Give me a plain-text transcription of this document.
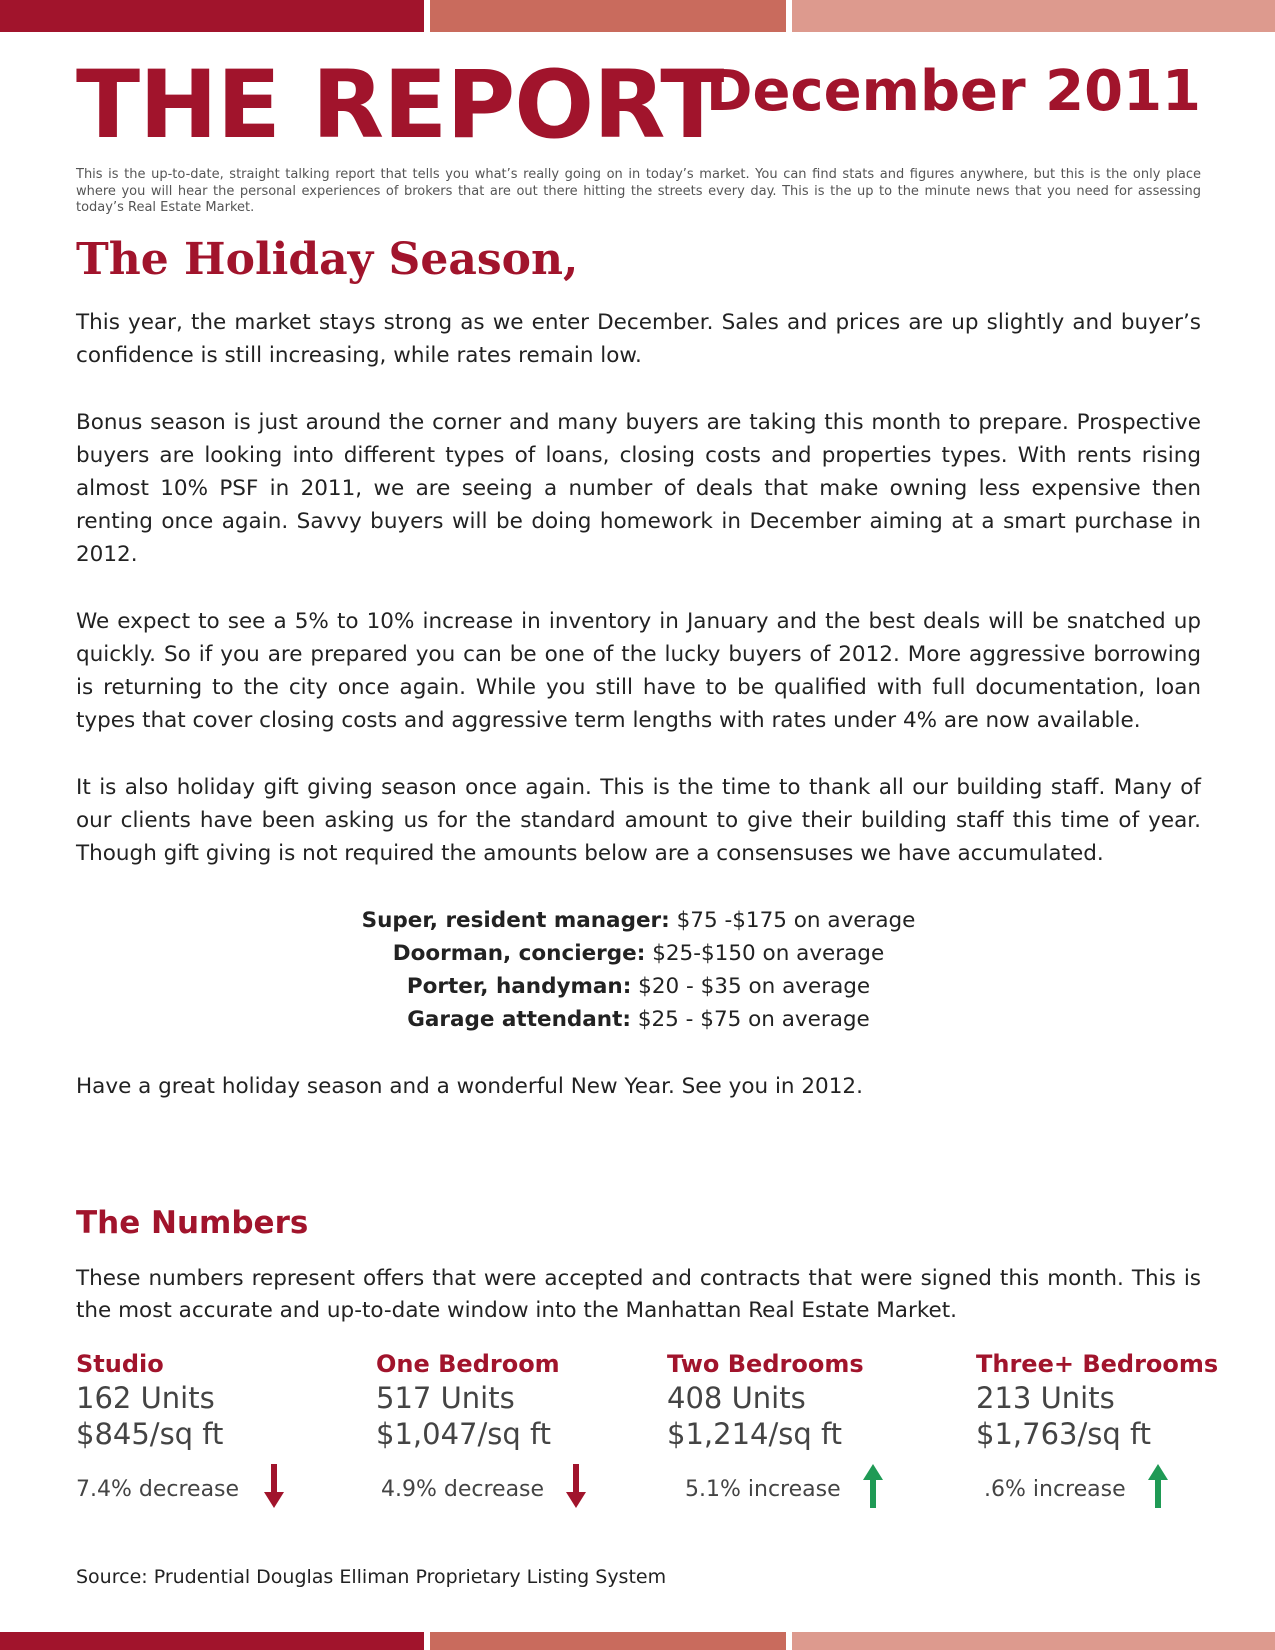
THE REPORT
December 2011

This is the up-to-date, straight talking report that tells you what’s really going on in today’s market. You can find stats and figures anywhere, but this is the only place where you will hear the personal experiences of brokers that are out there hitting the streets every day. This is the up to the minute news that you need for assessing today’s Real Estate Market.

The Holiday Season,

This year, the market stays strong as we enter December. Sales and prices are up slightly and buyer’s confidence is still increasing, while rates remain low.

Bonus season is just around the corner and many buyers are taking this month to prepare. Prospective buyers are looking into different types of loans, closing costs and properties types. With rents rising almost 10% PSF in 2011, we are seeing a number of deals that make owning less expensive then renting once again. Savvy buyers will be doing homework in December aiming at a smart purchase in 2012.

We expect to see a 5% to 10% increase in inventory in January and the best deals will be snatched up quickly. So if you are prepared you can be one of the lucky buyers of 2012. More aggressive borrowing is returning to the city once again. While you still have to be qualified with full documentation, loan types that cover closing costs and aggressive term lengths with rates under 4% are now available.

It is also holiday gift giving season once again. This is the time to thank all our building staff. Many of our clients have been asking us for the standard amount to give their building staff this time of year. Though gift giving is not required the amounts below are a consensuses we have accumulated.

Super, resident manager: $75 -$175 on average
Doorman, concierge: $25-$150 on average
Porter, handyman: $20 - $35 on average
Garage attendant: $25 - $75 on average

Have a great holiday season and a wonderful New Year. See you in 2012.

The Numbers

These numbers represent offers that were accepted and contracts that were signed this month. This is the most accurate and up-to-date window into the Manhattan Real Estate Market.

Studio
162 Units
$845/sq ft
7.4% decrease
One Bedroom
517 Units
$1,047/sq ft
4.9% decrease
Two Bedrooms
408 Units
$1,214/sq ft
5.1% increase
Three+ Bedrooms
213 Units
$1,763/sq ft
.6% increase

Source: Prudential Douglas Elliman Proprietary Listing System
